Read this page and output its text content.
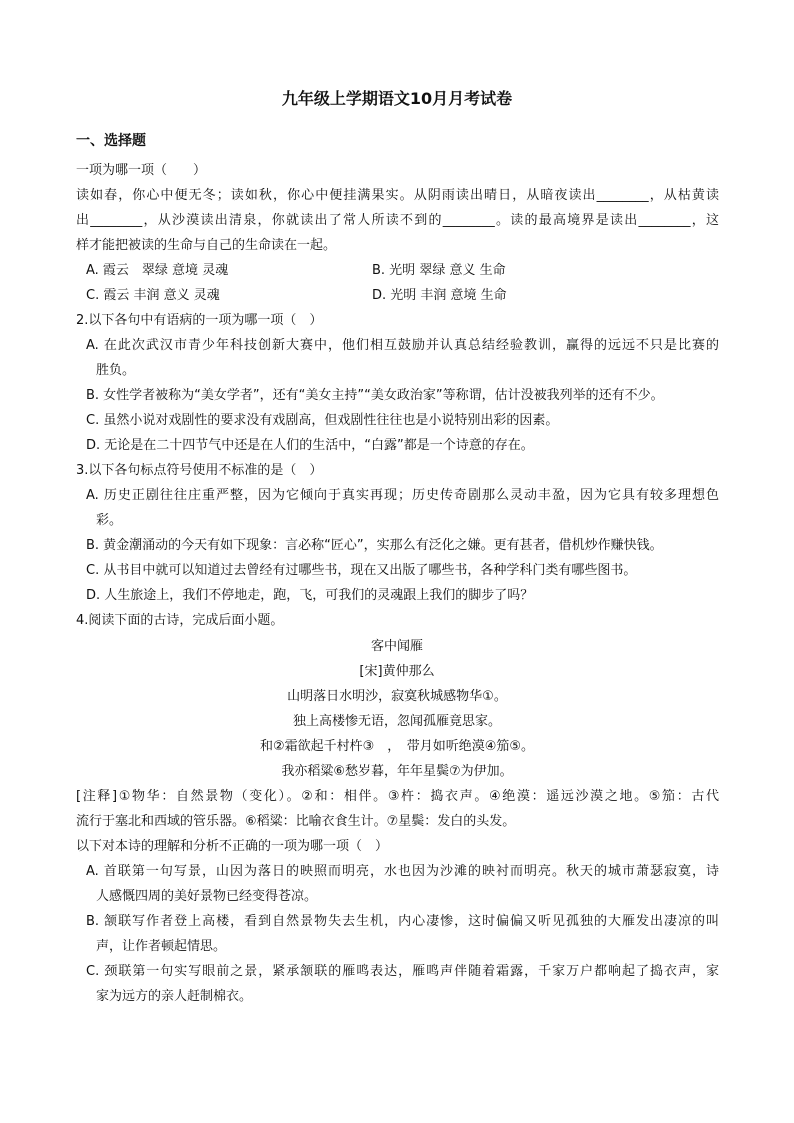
九年级上学期语文10月月考试卷
一、选择题
一项为哪一项（　　）
读如春，你心中便无冬；读如秋，你心中便挂满果实。从阴雨读出晴日，从暗夜读出________，从枯黄读
出________，从沙漠读出清泉，你就读出了常人所读不到的________。读的最高境界是读出________，这
样才能把被读的生命与自己的生命读在一起。
A. 霞云　翠绿 意境 灵魂	B. 光明 翠绿 意义 生命
C. 霞云 丰润 意义 灵魂	D. 光明 丰润 意境 生命
2.以下各句中有语病的一项为哪一项（　）
A. 在此次武汉市青少年科技创新大赛中，他们相互鼓励并认真总结经验教训，赢得的远远不只是比赛的
胜负。
B. 女性学者被称为“美女学者”，还有“美女主持”“美女政治家”等称谓，估计没被我列举的还有不少。
C. 虽然小说对戏剧性的要求没有戏剧高，但戏剧性往往也是小说特别出彩的因素。
D. 无论是在二十四节气中还是在人们的生活中，“白露”都是一个诗意的存在。
3.以下各句标点符号使用不标准的是（　）
A. 历史正剧往往庄重严整，因为它倾向于真实再现；历史传奇剧那么灵动丰盈，因为它具有较多理想色
彩。
B. 黄金潮涌动的今天有如下现象：言必称“匠心”，实那么有泛化之嫌。更有甚者，借机炒作赚快钱。
C. 从书目中就可以知道过去曾经有过哪些书，现在又出版了哪些书，各种学科门类有哪些图书。
D. 人生旅途上，我们不停地走，跑，飞，可我们的灵魂跟上我们的脚步了吗？
4.阅读下面的古诗，完成后面小题。
客中闻雁
[宋]黄仲那么
山明落日水明沙，寂寞秋城感物华①。
独上高楼惨无语，忽闻孤雁竟思家。
和②霜欲起千村杵③　，　带月如听绝漠④笳⑤。
我亦稻粱⑥愁岁暮，年年星鬓⑦为伊加。
[注释]①物华：自然景物（变化）。②和：相伴。③杵：捣衣声。④绝漠：遥远沙漠之地。⑤笳：古代
流行于塞北和西域的管乐器。⑥稻粱：比喻衣食生计。⑦星鬓：发白的头发。
以下对本诗的理解和分析不正确的一项为哪一项（　）
A. 首联第一句写景，山因为落日的映照而明亮，水也因为沙滩的映衬而明亮。秋天的城市萧瑟寂寞，诗
人感慨四周的美好景物已经变得苍凉。
B. 颔联写作者登上高楼，看到自然景物失去生机，内心凄惨，这时偏偏又听见孤独的大雁发出凄凉的叫
声，让作者顿起情思。
C. 颈联第一句实写眼前之景，紧承颔联的雁鸣表达，雁鸣声伴随着霜露，千家万户都响起了捣衣声，家
家为远方的亲人赶制棉衣。
